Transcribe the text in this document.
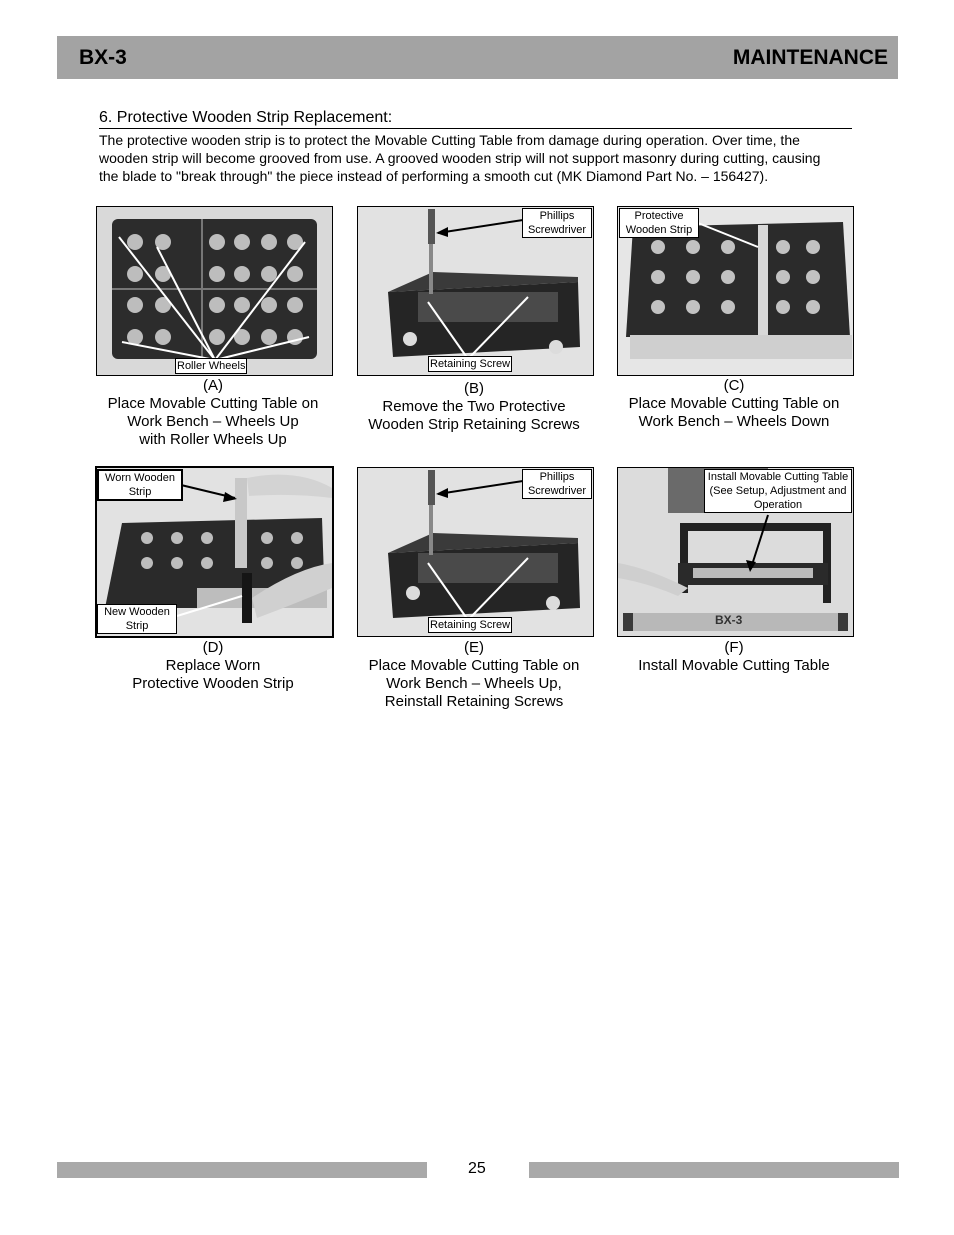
BX-3	MAINTENANCE
6. Protective Wooden Strip Replacement:
The protective wooden strip is to protect the Movable Cutting Table from damage during operation. Over time, the wooden strip will become grooved from use. A grooved wooden strip will not support masonry during cutting, causing the blade to "break through" the piece instead of performing a smooth cut (MK Diamond Part No. – 156427).
Roller Wheels
Phillips Screwdriver
Retaining Screw
Protective Wooden Strip
Worn Wooden Strip
New Wooden Strip
Phillips Screwdriver
Retaining Screw
Install Movable Cutting Table (See Setup, Adjustment and Operation
BX-3
(A)
Place Movable Cutting Table on
Work Bench – Wheels Up
with Roller Wheels Up
(B)
Remove the Two Protective
Wooden Strip Retaining Screws
(C)
Place Movable Cutting Table on
Work Bench – Wheels Down
(D)
Replace Worn
Protective Wooden Strip
(E)
Place Movable Cutting Table on
Work Bench – Wheels Up,
Reinstall Retaining Screws
(F)
Install Movable Cutting Table
25
